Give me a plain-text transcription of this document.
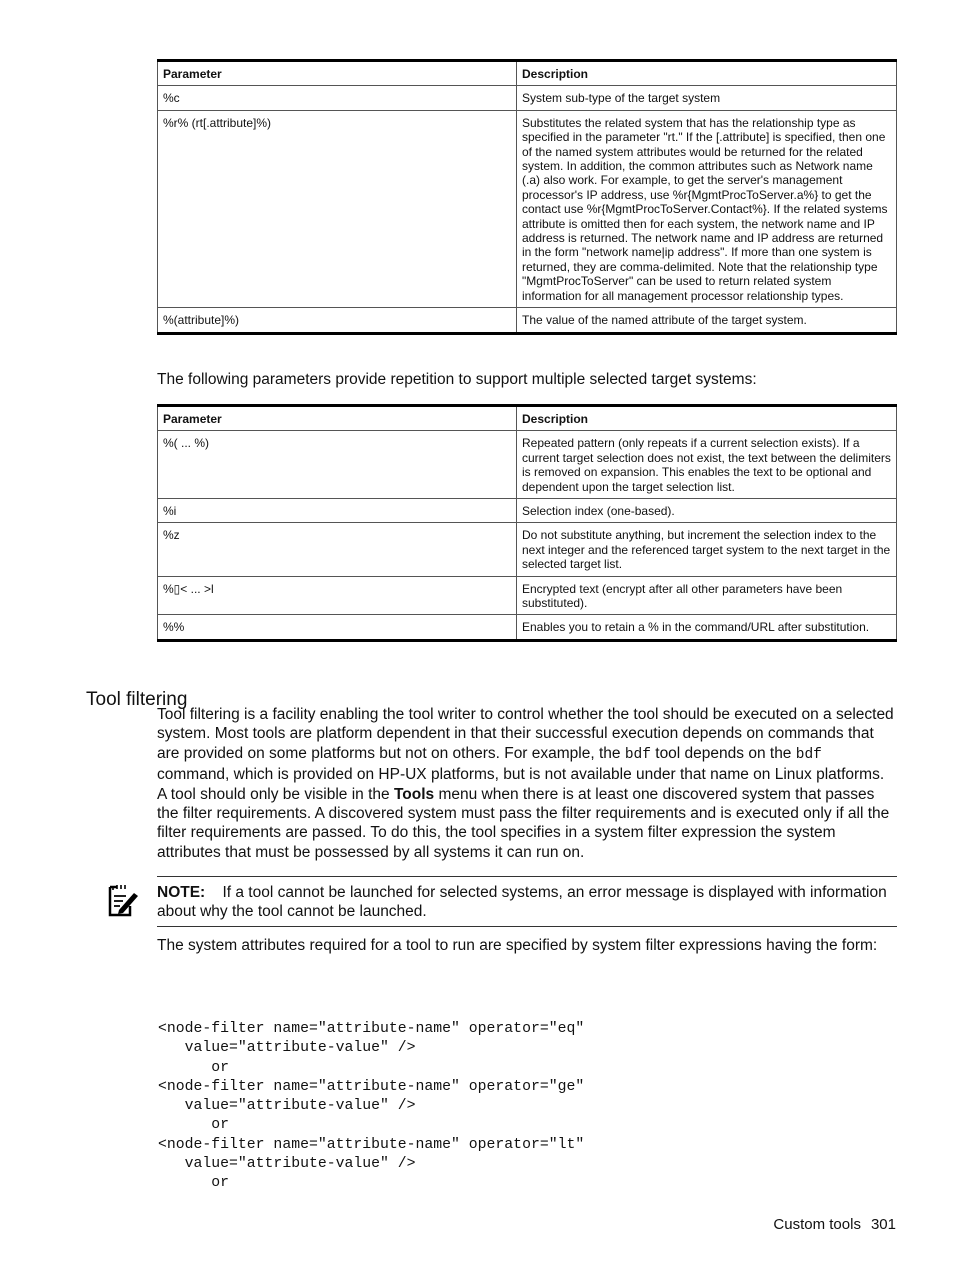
Parameter	Description
%c	System sub-type of the target system
%r% (rt[.attribute]%)	Substitutes the related system that has the relationship type as specified in the parameter "rt." If the [.attribute] is specified, then one of the named system attributes would be returned for the related system. In addition, the common attributes such as Network name (.a) also work. For example, to get the server's management processor's IP address, use %r{MgmtProcToServer.a%} to get the contact use %r{MgmtProcToServer.Contact%}. If the related systems attribute is omitted then for each system, the network name and IP address is returned. The network name and IP address are returned in the form "network name|ip address". If more than one system is returned, they are comma-delimited. Note that the relationship type "MgmtProcToServer" can be used to return related system information for all management processor relationship types.
%(attribute]%)	The value of the named attribute of the target system.
The following parameters provide repetition to support multiple selected target systems:
Parameter	Description
%( ... %)	Repeated pattern (only repeats if a current selection exists). If a current target selection does not exist, the text between the delimiters is removed on expansion. This enables the text to be optional and dependent upon the target selection list.
%i	Selection index (one-based).
%z	Do not substitute anything, but increment the selection index to the next integer and the referenced target system to the next target in the selected target list.
%▯< ... >l	Encrypted text (encrypt after all other parameters have been substituted).
%%	Enables you to retain a % in the command/URL after substitution.
Tool filtering
Tool filtering is a facility enabling the tool writer to control whether the tool should be executed on a selected system. Most tools are platform dependent in that their successful execution depends on commands that are provided on some platforms but not on others. For example, the bdf tool depends on the bdf command, which is provided on HP-UX platforms, but is not available under that name on Linux platforms. A tool should only be visible in the Tools menu when there is at least one discovered system that passes the filter requirements. A discovered system must pass the filter requirements and is executed only if all the filter requirements are passed. To do this, the tool specifies in a system filter expression the system attributes that must be possessed by all systems it can run on.
NOTE: If a tool cannot be launched for selected systems, an error message is displayed with information about why the tool cannot be launched.
The system attributes required for a tool to run are specified by system filter expressions having the form:
<node-filter name="attribute-name" operator="eq"
value="attribute-value" />
or
<node-filter name="attribute-name" operator="ge"
value="attribute-value" />
or
<node-filter name="attribute-name" operator="lt"
value="attribute-value" />
or
Custom tools 301
